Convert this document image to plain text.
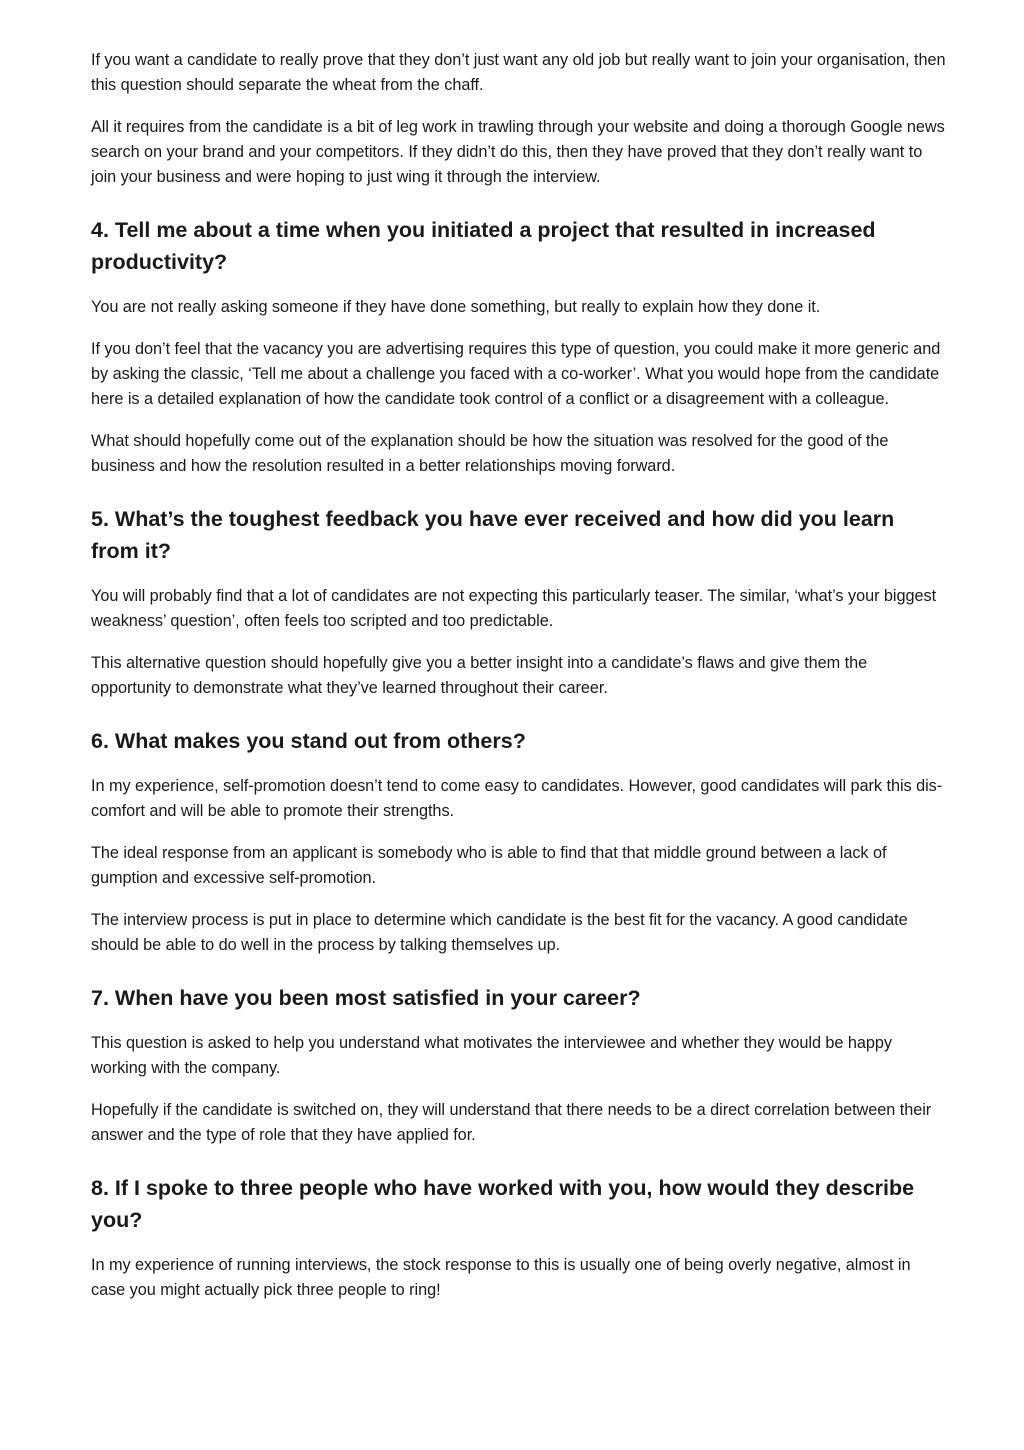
If you want a candidate to really prove that they don’t just want any old job but really want to join your organisation, then this question should separate the wheat from the chaff.

All it requires from the candidate is a bit of leg work in trawling through your website and doing a thorough Google news search on your brand and your competitors. If they didn’t do this, then they have proved that they don’t really want to join your business and were hoping to just wing it through the interview.

4. Tell me about a time when you initiated a project that resulted in increased productivity?

You are not really asking someone if they have done something, but really to explain how they done it.

If you don’t feel that the vacancy you are advertising requires this type of question, you could make it more generic and by asking the classic, ‘Tell me about a challenge you faced with a co-worker’. What you would hope from the candidate here is a detailed explanation of how the candidate took control of a conflict or a disagreement with a colleague.

What should hopefully come out of the explanation should be how the situation was resolved for the good of the business and how the resolution resulted in a better relationships moving forward.

5. What’s the toughest feedback you have ever received and how did you learn from it?

You will probably find that a lot of candidates are not expecting this particularly teaser. The similar, ‘what’s your biggest weakness’ question’, often feels too scripted and too predictable.

This alternative question should hopefully give you a better insight into a candidate’s flaws and give them the opportunity to demonstrate what they’ve learned throughout their career.

6. What makes you stand out from others?

In my experience, self-promotion doesn’t tend to come easy to candidates. However, good candidates will park this dis-comfort and will be able to promote their strengths.

The ideal response from an applicant is somebody who is able to find that that middle ground between a lack of gumption and excessive self-promotion.

The interview process is put in place to determine which candidate is the best fit for the vacancy. A good candidate should be able to do well in the process by talking themselves up.

7. When have you been most satisfied in your career?

This question is asked to help you understand what motivates the interviewee and whether they would be happy working with the company.

Hopefully if the candidate is switched on, they will understand that there needs to be a direct correlation between their answer and the type of role that they have applied for.

8. If I spoke to three people who have worked with you, how would they describe you?

In my experience of running interviews, the stock response to this is usually one of being overly negative, almost in case you might actually pick three people to ring!
